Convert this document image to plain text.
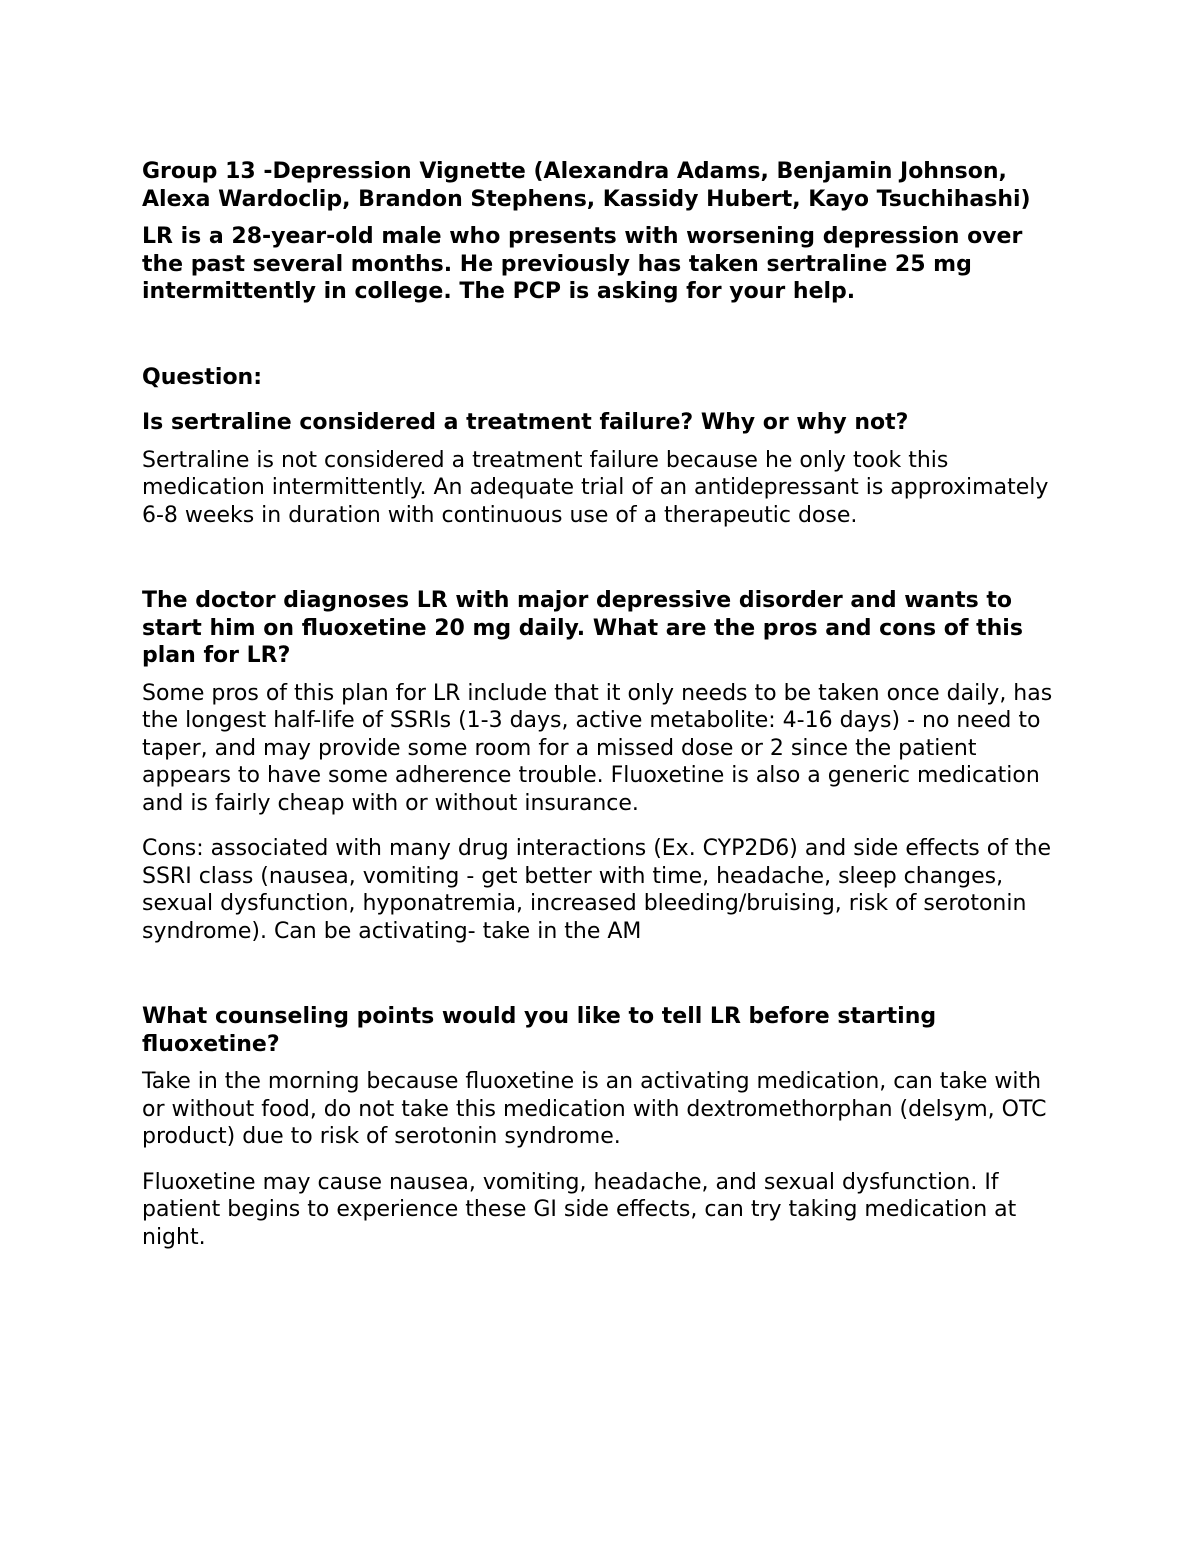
Group 13 -Depression Vignette (Alexandra Adams, Benjamin Johnson, Alexa Wardoclip, Brandon Stephens, Kassidy Hubert, Kayo Tsuchihashi)

LR is a 28-year-old male who presents with worsening depression over the past several months. He previously has taken sertraline 25 mg intermittently in college. The PCP is asking for your help.

Question:

Is sertraline considered a treatment failure? Why or why not?

Sertraline is not considered a treatment failure because he only took this medication intermittently. An adequate trial of an antidepressant is approximately 6-8 weeks in duration with continuous use of a therapeutic dose.

The doctor diagnoses LR with major depressive disorder and wants to start him on fluoxetine 20 mg daily. What are the pros and cons of this plan for LR?

Some pros of this plan for LR include that it only needs to be taken once daily, has the longest half-life of SSRIs (1-3 days, active metabolite: 4-16 days) - no need to taper, and may provide some room for a missed dose or 2 since the patient appears to have some adherence trouble. Fluoxetine is also a generic medication and is fairly cheap with or without insurance.

Cons: associated with many drug interactions (Ex. CYP2D6) and side effects of the SSRI class (nausea, vomiting - get better with time, headache, sleep changes, sexual dysfunction, hyponatremia, increased bleeding/bruising, risk of serotonin syndrome). Can be activating- take in the AM

What counseling points would you like to tell LR before starting fluoxetine?

Take in the morning because fluoxetine is an activating medication, can take with or without food, do not take this medication with dextromethorphan (delsym, OTC product) due to risk of serotonin syndrome.

Fluoxetine may cause nausea, vomiting, headache, and sexual dysfunction. If patient begins to experience these GI side effects, can try taking medication at night.
